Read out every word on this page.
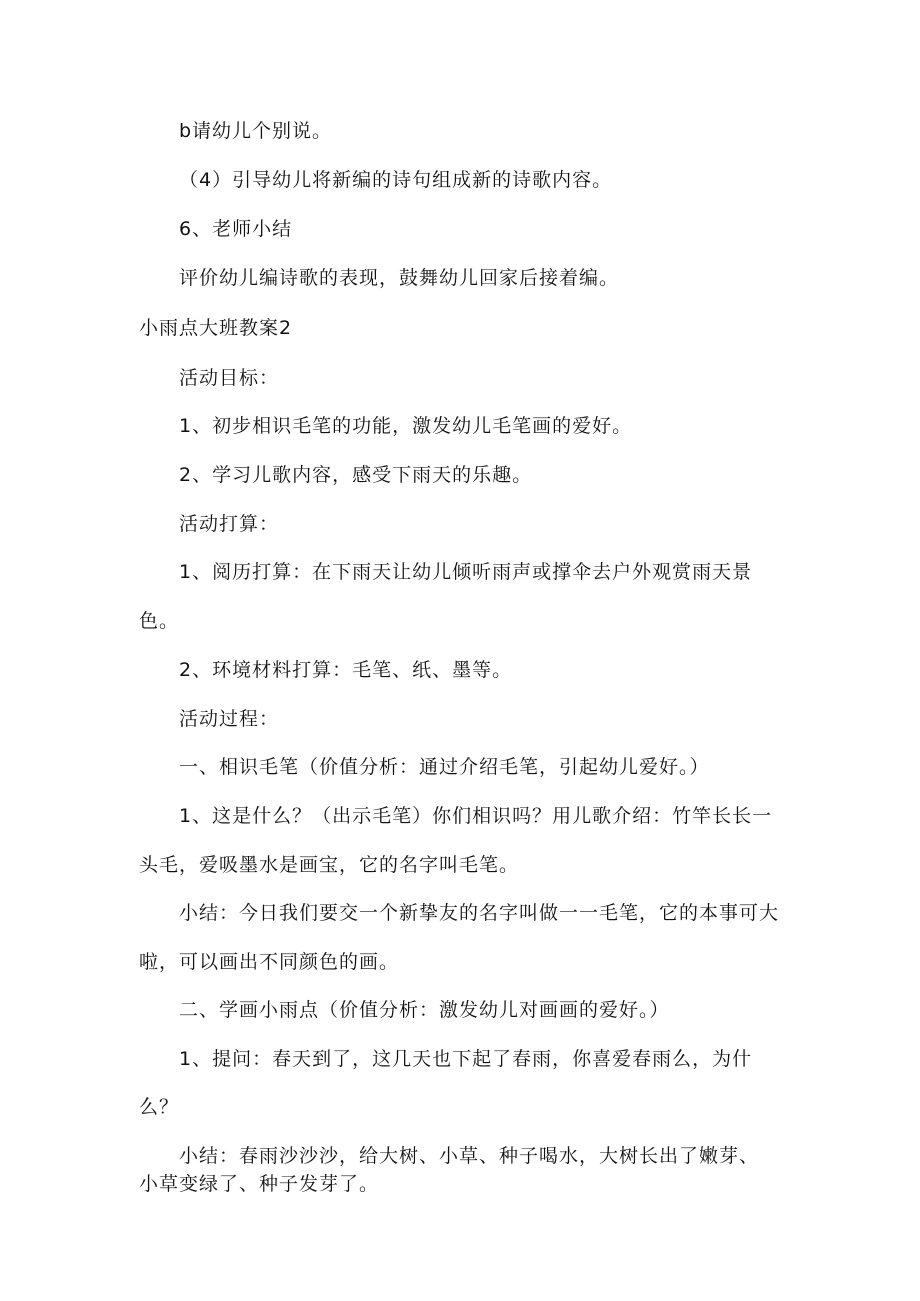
b请幼儿个别说。
（4）引导幼儿将新编的诗句组成新的诗歌内容。
6、老师小结
评价幼儿编诗歌的表现，鼓舞幼儿回家后接着编。
小雨点大班教案2
活动目标：
1、初步相识毛笔的功能，激发幼儿毛笔画的爱好。
2、学习儿歌内容，感受下雨天的乐趣。
活动打算：
1、阅历打算：在下雨天让幼儿倾听雨声或撑伞去户外观赏雨天景
色。
2、环境材料打算：毛笔、纸、墨等。
活动过程：
一、相识毛笔（价值分析：通过介绍毛笔，引起幼儿爱好。）
1、这是什么？（出示毛笔）你们相识吗？用儿歌介绍：竹竿长长一
头毛，爱吸墨水是画宝，它的名字叫毛笔。
小结：今日我们要交一个新挚友的名字叫做一一毛笔，它的本事可大
啦，可以画出不同颜色的画。
二、学画小雨点（价值分析：激发幼儿对画画的爱好。）
1、提问：春天到了，这几天也下起了春雨，你喜爱春雨么，为什
么？
小结：春雨沙沙沙，给大树、小草、种子喝水，大树长出了嫩芽、
小草变绿了、种子发芽了。
